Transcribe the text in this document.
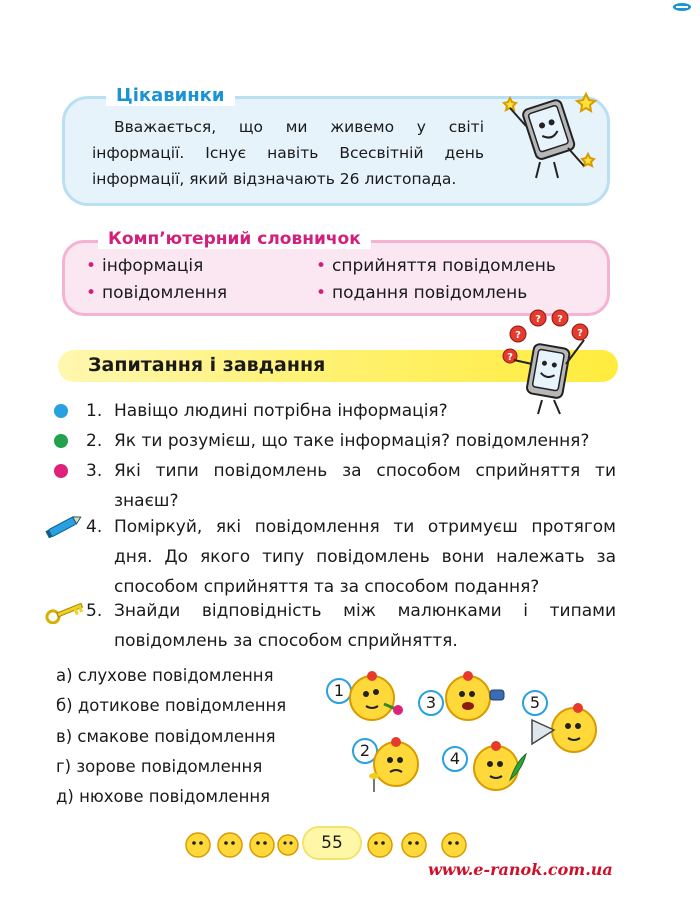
Цікавинки
Вважається, що ми живемо у світі інформації. Існує навіть Всесвітній день інформації, який відзначають 26 листопада.
Комп’ютерний словничок
• інформація
• повідомлення
• сприйняття повідомлень
• подання повідомлень
Запитання і завдання
?
? ?
?
?
1. Навіщо людині потрібна інформація?
2. Як ти розумієш, що таке інформація? повідомлення?
3. Які типи повідомлень за способом сприйняття ти знаєш?
4. Поміркуй, які повідомлення ти отримуєш протягом дня. До якого типу повідомлень вони належать за способом сприйняття та за способом подання?
5. Знайди відповідність між малюнками і типами повідомлень за способом сприйняття.
а) слухове повідомлення
б) дотикове повідомлення
в) смакове повідомлення
г) зорове повідомлення
д) нюхове повідомлення
1
2
3
4
5
55
www.e-ranok.com.ua
